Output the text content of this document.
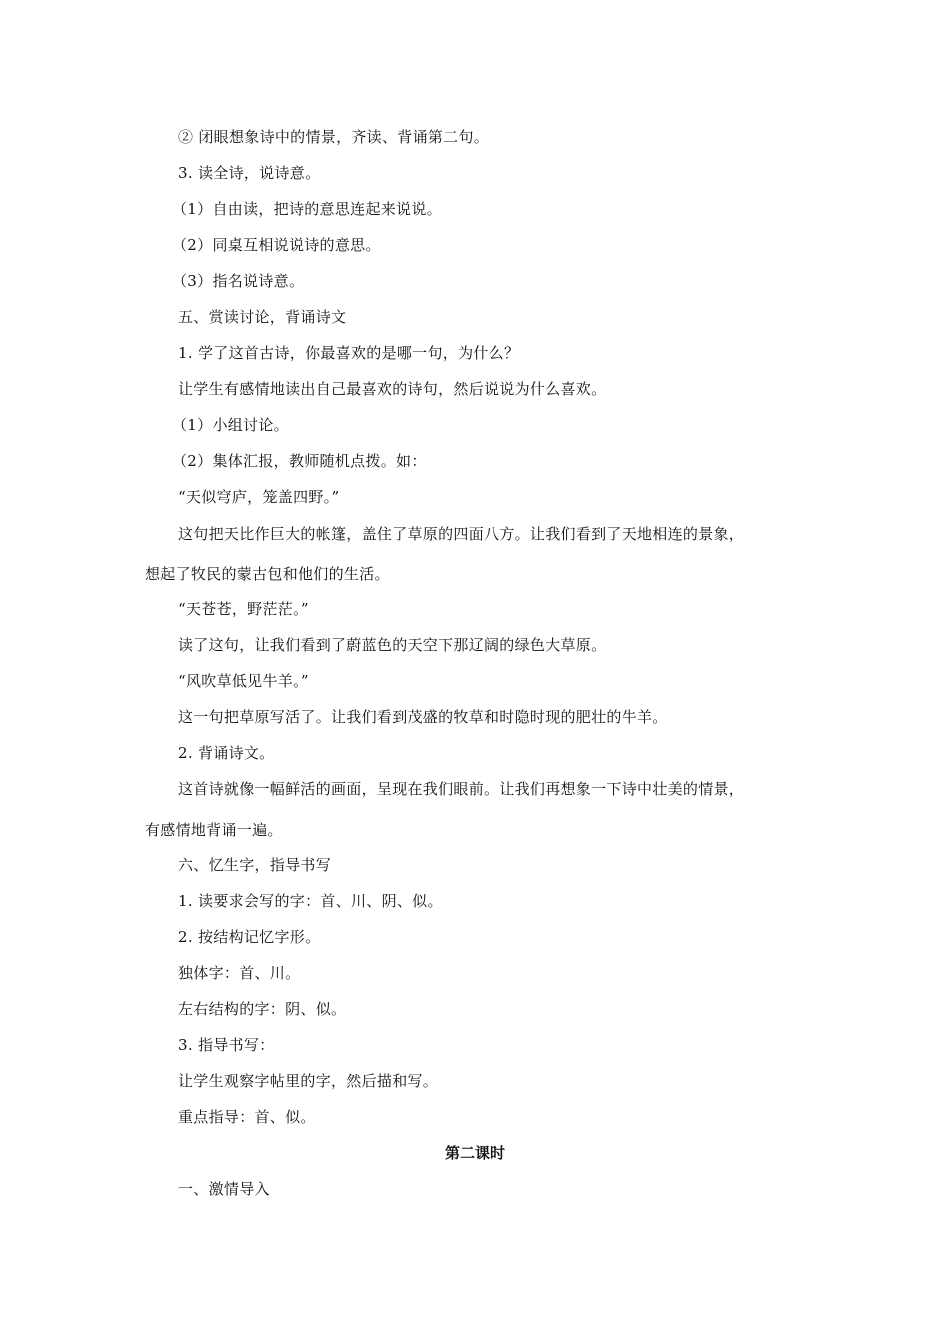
② 闭眼想象诗中的情景，齐读、背诵第二句。
3. 读全诗，说诗意。
（1）自由读，把诗的意思连起来说说。
（2）同桌互相说说诗的意思。
（3）指名说诗意。
五、赏读讨论，背诵诗文
1. 学了这首古诗，你最喜欢的是哪一句，为什么？
让学生有感情地读出自己最喜欢的诗句，然后说说为什么喜欢。
（1）小组讨论。
（2）集体汇报，教师随机点拨。如：
“天似穹庐，笼盖四野。”
这句把天比作巨大的帐篷，盖住了草原的四面八方。让我们看到了天地相连的景象，
想起了牧民的蒙古包和他们的生活。
“天苍苍，野茫茫。”
读了这句，让我们看到了蔚蓝色的天空下那辽阔的绿色大草原。
“风吹草低见牛羊。”
这一句把草原写活了。让我们看到茂盛的牧草和时隐时现的肥壮的牛羊。
2. 背诵诗文。
这首诗就像一幅鲜活的画面，呈现在我们眼前。让我们再想象一下诗中壮美的情景，
有感情地背诵一遍。
六、忆生字，指导书写
1. 读要求会写的字：首、川、阴、似。
2. 按结构记忆字形。
独体字：首、川。
左右结构的字：阴、似。
3. 指导书写：
让学生观察字帖里的字，然后描和写。
重点指导：首、似。
第二课时
一、激情导入
